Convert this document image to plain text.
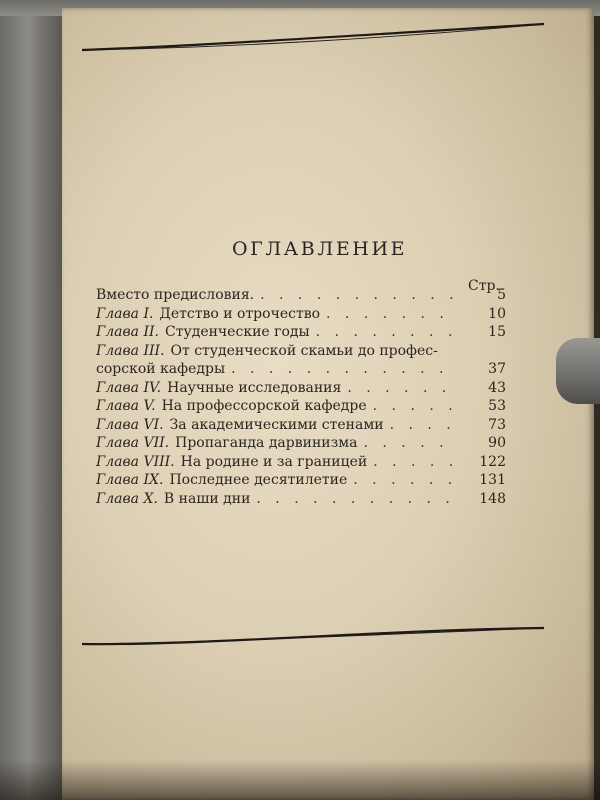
ОГЛАВЛЕНИЕ
Стр.
Вместо предисловия. . . .	5
Глава I. Детство и отрочество . . .	10
Глава II. Студенческие годы . . .	15
Глава III. От студенческой скамьи до профес-
сорской кафедры . . .	37
Глава IV. Научные исследования . . .	43
Глава V. На профессорской кафедре . . .	53
Глава VI. За академическими стенами . . .	73
Глава VII. Пропаганда дарвинизма . . .	90
Глава VIII. На родине и за границей . . .	122
Глава IX. Последнее десятилетие . . .	131
Глава X. В наши дни . . .	148
